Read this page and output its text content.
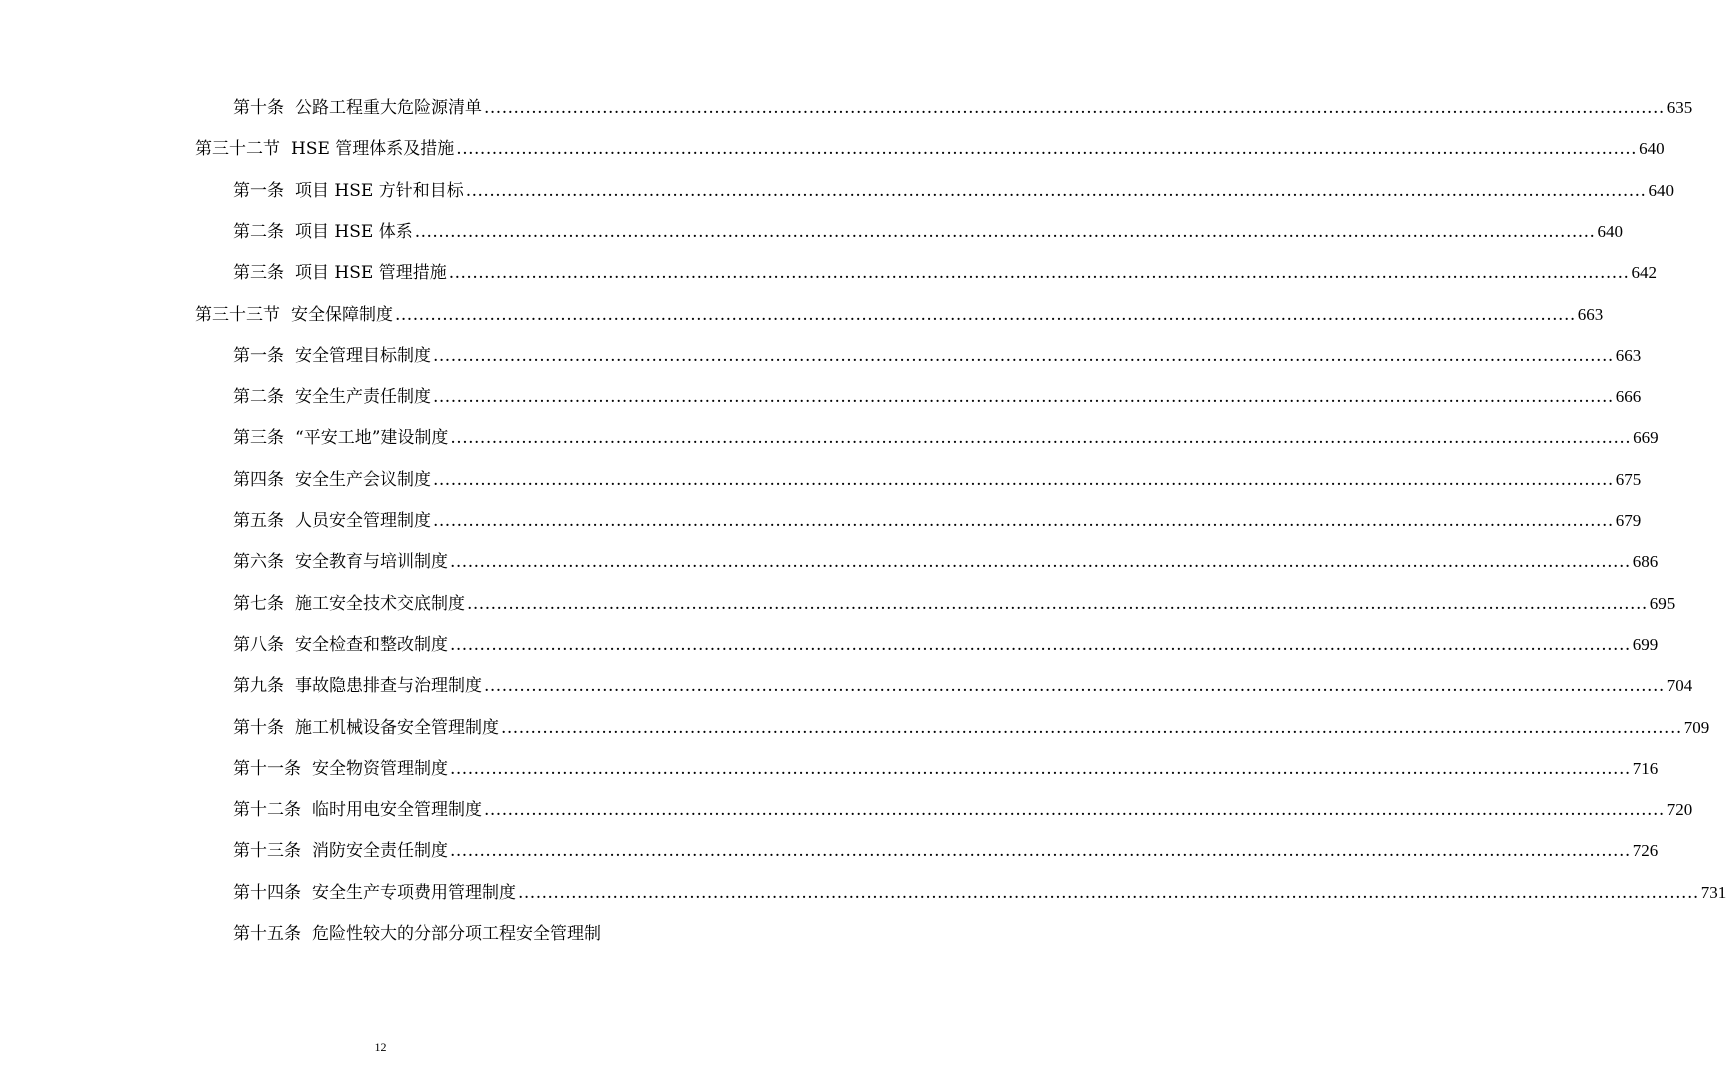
第十条 公路工程重大危险源清单 ........................................................................................................................................................................................................ 635
第三十二节 HSE 管理体系及措施 ........................................................................................................................................................................................................ 640
第一条 项目 HSE 方针和目标 ........................................................................................................................................................................................................ 640
第二条 项目 HSE 体系 ........................................................................................................................................................................................................ 640
第三条 项目 HSE 管理措施 ........................................................................................................................................................................................................ 642
第三十三节 安全保障制度 ........................................................................................................................................................................................................ 663
第一条 安全管理目标制度 ........................................................................................................................................................................................................ 663
第二条 安全生产责任制度 ........................................................................................................................................................................................................ 666
第三条 “平安工地”建设制度 ........................................................................................................................................................................................................ 669
第四条 安全生产会议制度 ........................................................................................................................................................................................................ 675
第五条 人员安全管理制度 ........................................................................................................................................................................................................ 679
第六条 安全教育与培训制度 ........................................................................................................................................................................................................ 686
第七条 施工安全技术交底制度 ........................................................................................................................................................................................................ 695
第八条 安全检查和整改制度 ........................................................................................................................................................................................................ 699
第九条 事故隐患排查与治理制度 ........................................................................................................................................................................................................ 704
第十条 施工机械设备安全管理制度 ........................................................................................................................................................................................................ 709
第十一条 安全物资管理制度 ........................................................................................................................................................................................................ 716
第十二条 临时用电安全管理制度 ........................................................................................................................................................................................................ 720
第十三条 消防安全责任制度 ........................................................................................................................................................................................................ 726
第十四条 安全生产专项费用管理制度 ........................................................................................................................................................................................................ 731
第十五条 危险性较大的分部分项工程安全管理制
12
